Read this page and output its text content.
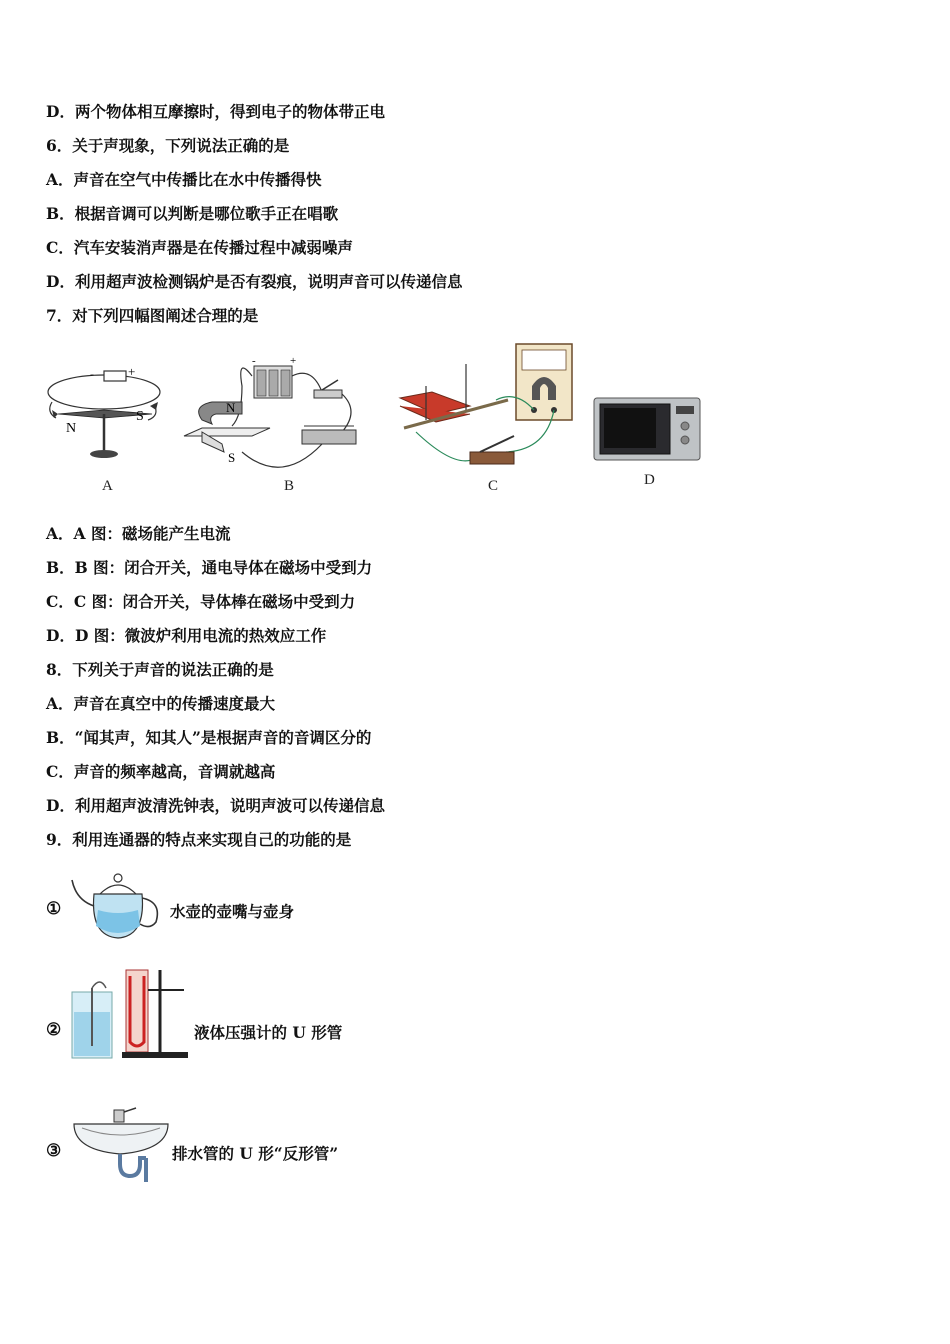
D．两个物体相互摩擦时，得到电子的物体带正电
6．关于声现象，下列说法正确的是
A．声音在空气中传播比在水中传播得快
B．根据音调可以判断是哪位歌手正在唱歌
C．汽车安装消声器是在传播过程中减弱噪声
D．利用超声波检测锅炉是否有裂痕，说明声音可以传递信息
7．对下列四幅图阐述合理的是
-	+
N
S
A
-	+
N
S
B	C	D
A．A 图：磁场能产生电流
B．B 图：闭合开关，通电导体在磁场中受到力
C．C 图：闭合开关，导体棒在磁场中受到力
D．D 图：微波炉利用电流的热效应工作
8．下列关于声音的说法正确的是
A．声音在真空中的传播速度最大
B．“闻其声，知其人”是根据声音的音调区分的
C．声音的频率越高，音调就越高
D．利用超声波清洗钟表，说明声波可以传递信息
9．利用连通器的特点来实现自己的功能的是
①	水壶的壶嘴与壶身
②	液体压强计的 U 形管
③	排水管的 U 形“反形管”
